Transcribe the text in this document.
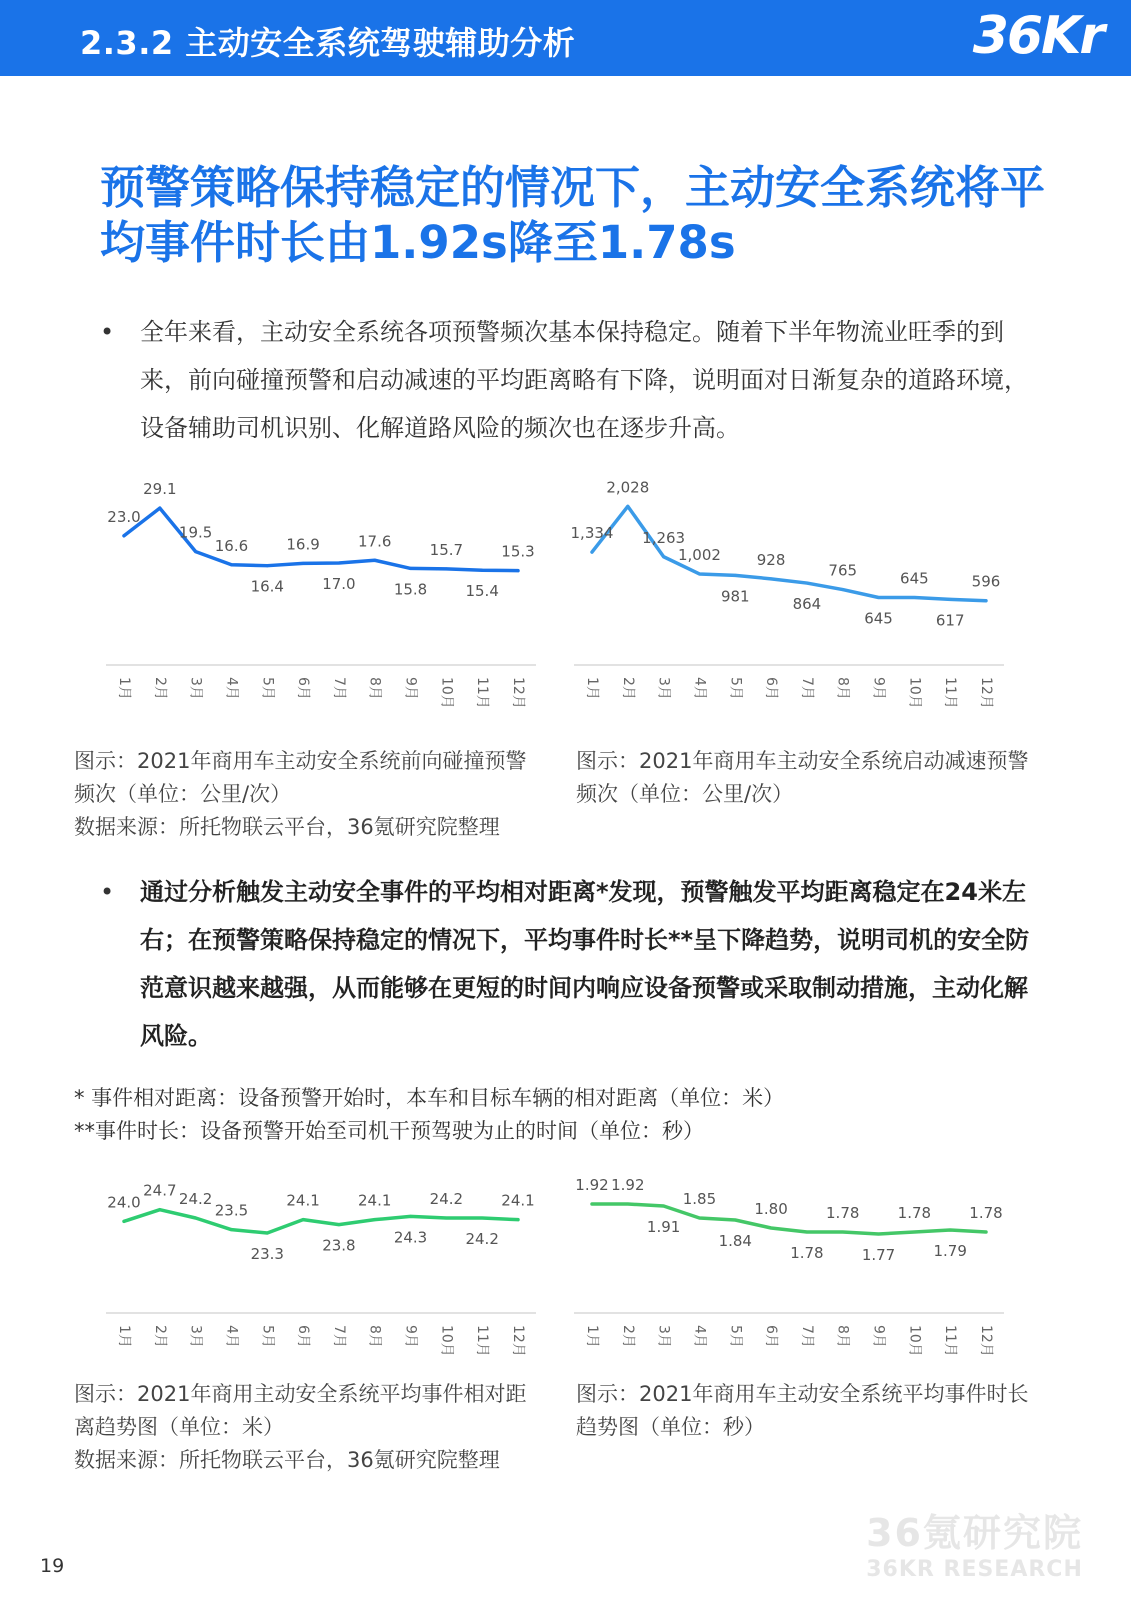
2.3.2 主动安全系统驾驶辅助分析	36Kr
预警策略保持稳定的情况下，主动安全系统将平均事件时长由1.92s降至1.78s
• 全年来看，主动安全系统各项预警频次基本保持稳定。随着下半年物流业旺季的到来，前向碰撞预警和启动减速的平均距离略有下降，说明面对日渐复杂的道路环境，设备辅助司机识别、化解道路风险的频次也在逐步升高。
23.0
1月
29.1
2月
19.5
3月
16.6
4月
16.4
5月
16.9
6月
17.0
7月
17.6
8月
15.8
9月
15.7
10月
15.4
11月
15.3
12月
1,334
1月
2,028
2月
1,263
3月
1,002
4月
981
5月
928
6月
864
7月
765
8月
645
9月
645
10月
617
11月
596
12月
图示：2021年商用车主动安全系统前向碰撞预警频次（单位：公里/次）
数据来源：所托物联云平台，36氪研究院整理
图示：2021年商用车主动安全系统启动减速预警频次（单位：公里/次）
• 通过分析触发主动安全事件的平均相对距离*发现，预警触发平均距离稳定在24米左右；在预警策略保持稳定的情况下，平均事件时长**呈下降趋势，说明司机的安全防范意识越来越强，从而能够在更短的时间内响应设备预警或采取制动措施，主动化解风险。
* 事件相对距离：设备预警开始时，本车和目标车辆的相对距离（单位：米）
**事件时长：设备预警开始至司机干预驾驶为止的时间（单位：秒）
24.0
1月
24.7
2月
24.2
3月
23.5
4月
23.3
5月
24.1
6月
23.8
7月
24.1
8月
24.3
9月
24.2
10月
24.2
11月
24.1
12月
1.92
1月
1.92
2月
1.91
3月
1.85
4月
1.84
5月
1.80
6月
1.78
7月
1.78
8月
1.77
9月
1.78
10月
1.79
11月
1.78
12月
图示：2021年商用主动安全系统平均事件相对距离趋势图（单位：米）
数据来源：所托物联云平台，36氪研究院整理
图示：2021年商用车主动安全系统平均事件时长趋势图（单位：秒）
19
36氪研究院
36KR RESEARCH
